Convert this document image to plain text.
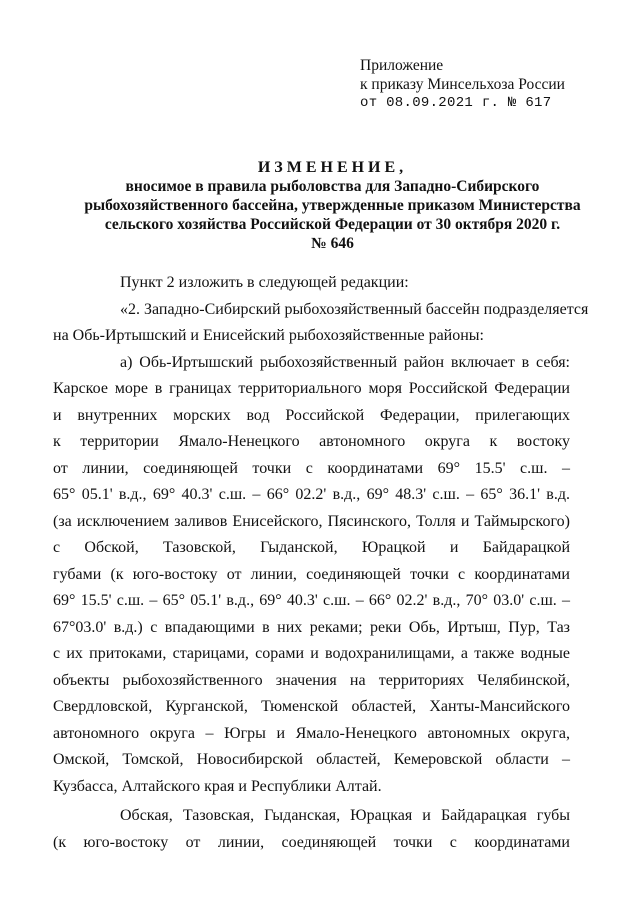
Приложение
к приказу Минсельхоза России
от 08.09.2021 г. № 617
ИЗМЕНЕНИЕ,
вносимое в правила рыболовства для Западно-Сибирского
рыбохозяйственного бассейна, утвержденные приказом Министерства
сельского хозяйства Российской Федерации от 30 октября 2020 г.
№ 646
Пункт 2 изложить в следующей редакции:
«2. Западно-Сибирский рыбохозяйственный бассейн подразделяется
на Обь-Иртышский и Енисейский рыбохозяйственные районы:
а) Обь-Иртышский рыбохозяйственный район включает в себя:
Карское море в границах территориального моря Российской Федерации
и внутренних морских вод Российской Федерации, прилегающих
к территории Ямало-Ненецкого автономного округа к востоку
от линии, соединяющей точки с координатами 69° 15.5' с.ш. –
65° 05.1' в.д., 69° 40.3' с.ш. – 66° 02.2' в.д., 69° 48.3' с.ш. – 65° 36.1' в.д.
(за исключением заливов Енисейского, Пясинского, Толля и Таймырского)
с Обской, Тазовской, Гыданской, Юрацкой и Байдарацкой
губами (к юго-востоку от линии, соединяющей точки с координатами
69° 15.5' с.ш. – 65° 05.1' в.д., 69° 40.3' с.ш. – 66° 02.2' в.д., 70° 03.0' с.ш. –
67°03.0' в.д.) с впадающими в них реками; реки Обь, Иртыш, Пур, Таз
с их притоками, старицами, сорами и водохранилищами, а также водные
объекты рыбохозяйственного значения на территориях Челябинской,
Свердловской, Курганской, Тюменской областей, Ханты-Мансийского
автономного округа – Югры и Ямало-Ненецкого автономных округа,
Омской, Томской, Новосибирской областей, Кемеровской области –
Кузбасса, Алтайского края и Республики Алтай.
Обская, Тазовская, Гыданская, Юрацкая и Байдарацкая губы
(к юго-востоку от линии, соединяющей точки с координатами
